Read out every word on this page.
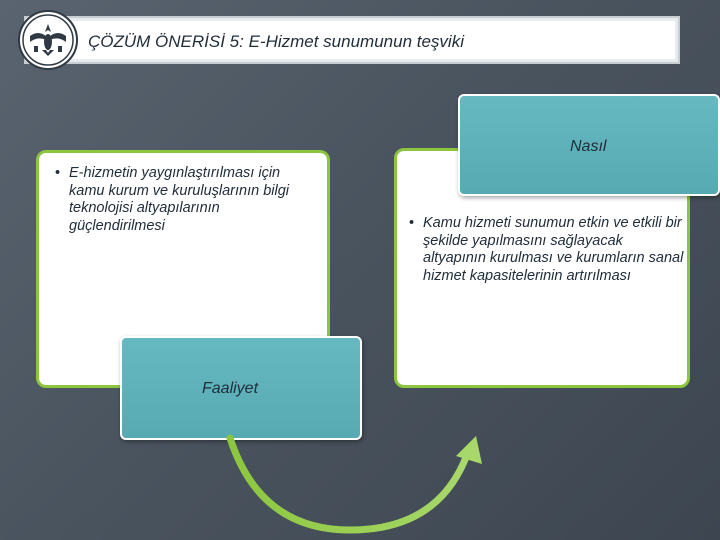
ÇÖZÜM ÖNERİSİ 5: E-Hizmet sunumunun teşviki
• E-hizmetin yaygınlaştırılması için kamu kurum ve kuruluşlarının bilgi teknolojisi altyapılarının güçlendirilmesi
•	Kamu hizmeti sunumun etkin ve etkili bir şekilde yapılmasını sağlayacak altyapının kurulması ve kurumların sanal hizmet kapasitelerinin artırılması
Nasıl
Faaliyet
